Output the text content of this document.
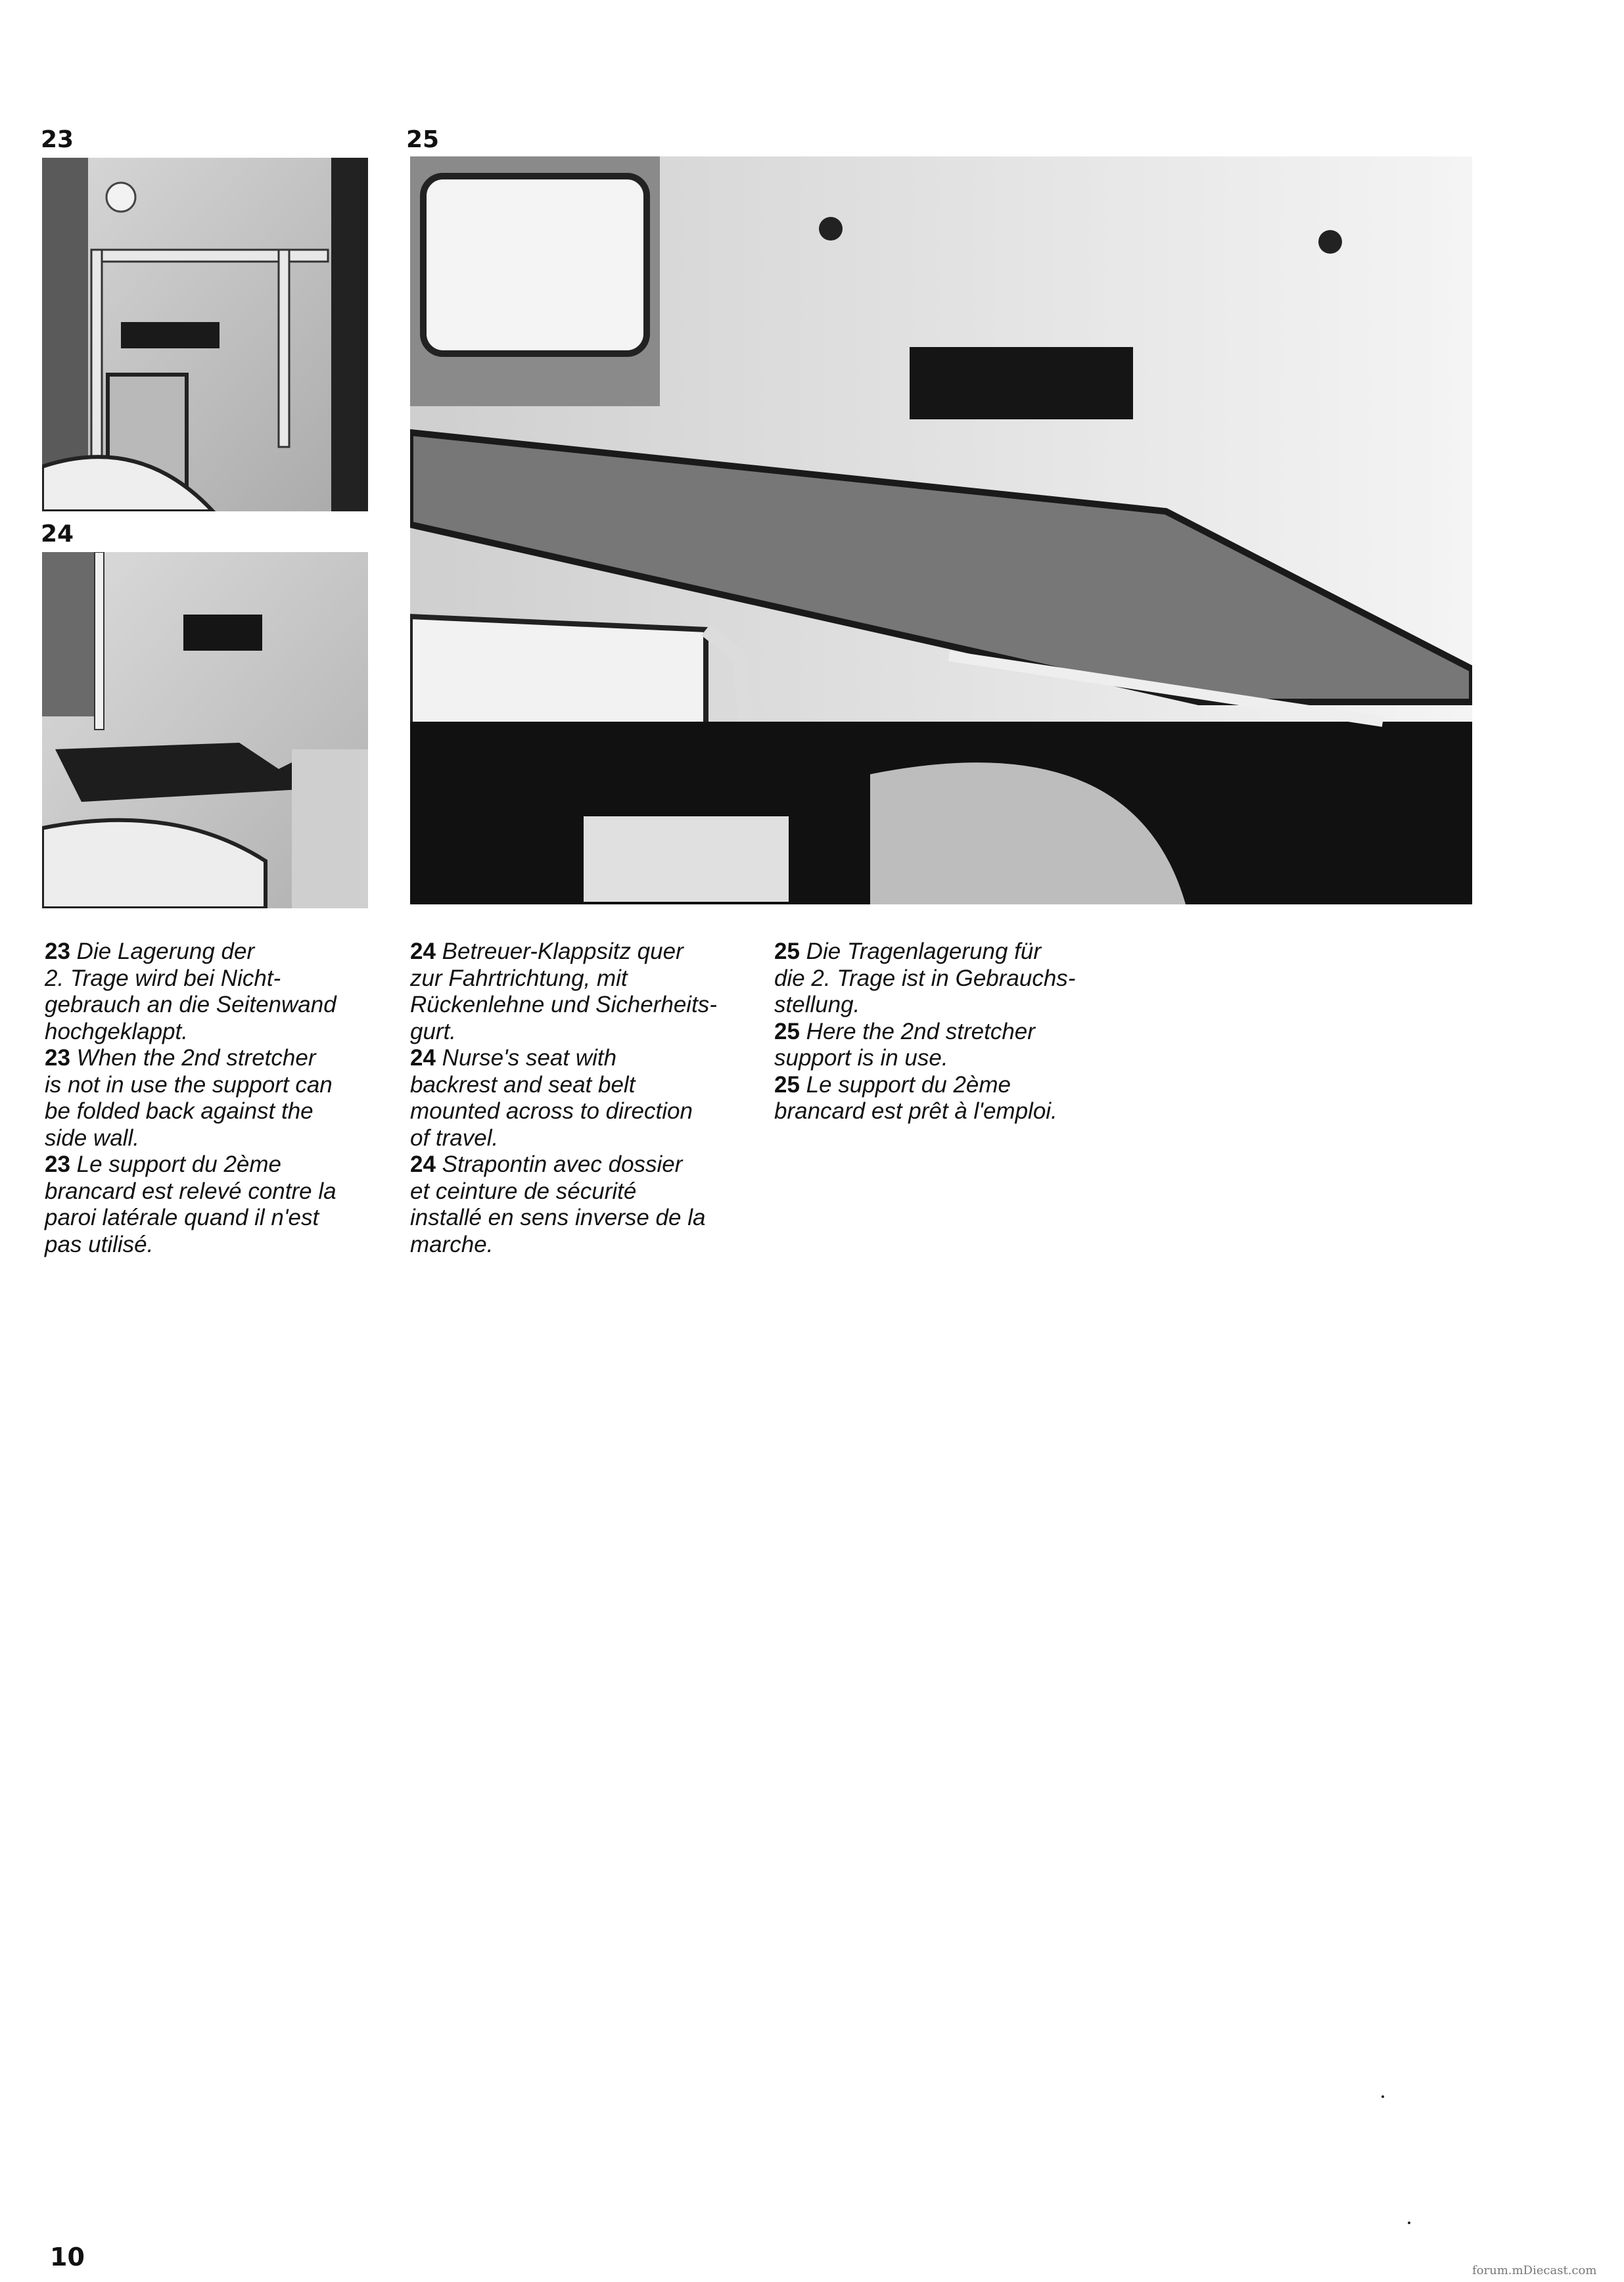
23
24
25

23 Die Lagerung der
2. Trage wird bei Nicht-
gebrauch an die Seitenwand
hochgeklappt.

23 When the 2nd stretcher
is not in use the support can
be folded back against the
side wall.

23 Le support du 2ème
brancard est relevé contre la
paroi latérale quand il n'est
pas utilisé.

24 Betreuer-Klappsitz quer
zur Fahrtrichtung, mit
Rückenlehne und Sicherheits-
gurt.

24 Nurse's seat with
backrest and seat belt
mounted across to direction
of travel.

24 Strapontin avec dossier
et ceinture de sécurité
installé en sens inverse de la
marche.

25 Die Tragenlagerung für
die 2. Trage ist in Gebrauchs-
stellung.

25 Here the 2nd stretcher
support is in use.

25 Le support du 2ème
brancard est prêt à l'emploi.

10	forum.mDiecast.com
